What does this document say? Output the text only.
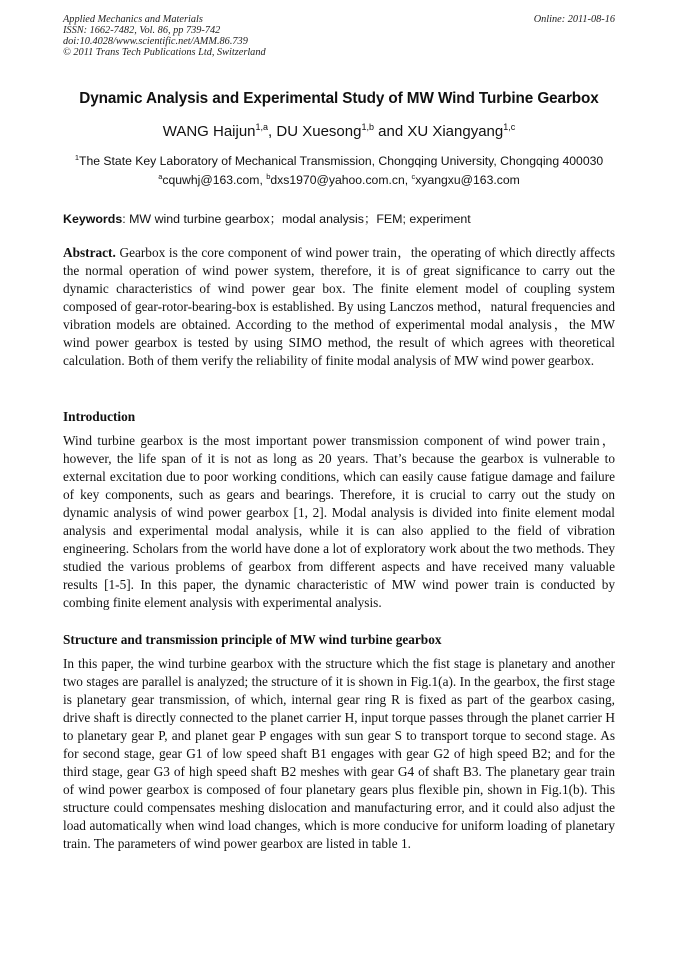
Applied Mechanics and Materials
ISSN: 1662-7482, Vol. 86, pp 739-742
doi:10.4028/www.scientific.net/AMM.86.739
© 2011 Trans Tech Publications Ltd, Switzerland
Online: 2011-08-16
Dynamic Analysis and Experimental Study of MW Wind Turbine Gearbox
WANG Haijun$^{1,a}$, DU Xuesong$^{1,b}$ and XU Xiangyang$^{1,c}$
$^1$The State Key Laboratory of Mechanical Transmission, Chongqing University, Chongqing 400030
$^a$cquwhj@163.com, $^b$dxs1970@yahoo.com.cn, $^c$xyangxu@163.com
Keywords: MW wind turbine gearbox；modal analysis；FEM; experiment

Abstract. Gearbox is the core component of wind power train，the operating of which directly affects the normal operation of wind power system, therefore, it is of great significance to carry out the dynamic characteristics of wind power gear box. The finite element model of coupling system composed of gear-rotor-bearing-box is established. By using Lanczos method，natural frequencies and vibration models are obtained. According to the method of experimental modal analysis，the MW wind power gearbox is tested by using SIMO method, the result of which agrees with theoretical calculation. Both of them verify the reliability of finite modal analysis of MW wind power gearbox.

Introduction

Wind turbine gearbox is the most important power transmission component of wind power train，however, the life span of it is not as long as 20 years. That’s because the gearbox is vulnerable to external excitation due to poor working conditions, which can easily cause fatigue damage and failure of key components, such as gears and bearings. Therefore, it is crucial to carry out the study on dynamic analysis of wind power gearbox [1, 2]. Modal analysis is divided into finite element modal analysis and experimental modal analysis, while it is can also applied to the field of vibration engineering. Scholars from the world have done a lot of exploratory work about the two methods. They studied the various problems of gearbox from different aspects and have received many valuable results [1-5]. In this paper, the dynamic characteristic of MW wind power train is conducted by combing finite element analysis with experimental analysis.

Structure and transmission principle of MW wind turbine gearbox

In this paper, the wind turbine gearbox with the structure which the fist stage is planetary and another two stages are parallel is analyzed; the structure of it is shown in Fig.1(a). In the gearbox, the first stage is planetary gear transmission, of which, internal gear ring R is fixed as part of the gearbox casing, drive shaft is directly connected to the planet carrier H, input torque passes through the planet carrier H to planetary gear P, and planet gear P engages with sun gear S to transport torque to second stage. As for second stage, gear G1 of low speed shaft B1 engages with gear G2 of high speed B2; and for the third stage, gear G3 of high speed shaft B2 meshes with gear G4 of shaft B3. The planetary gear train of wind power gearbox is composed of four planetary gears plus flexible pin, shown in Fig.1(b). This structure could compensates meshing dislocation and manufacturing error, and it could also adjust the load automatically when wind load changes, which is more conducive for uniform loading of planetary train. The parameters of wind power gearbox are listed in table 1.
